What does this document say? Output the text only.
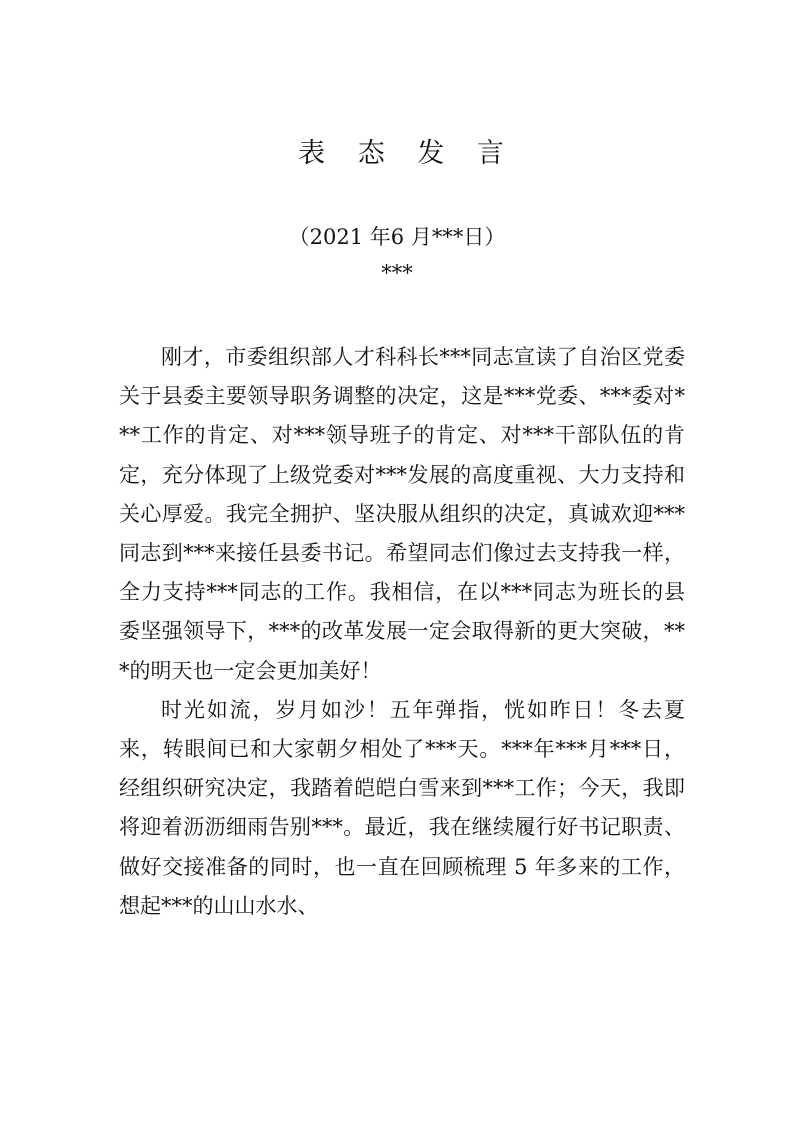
表 态 发 言
（2021 年6 月***日）
***

刚才，市委组织部人才科科长***同志宣读了自治区党委关于县委主要领导职务调整的决定，这是***党委、***委对***工作的肯定、对***领导班子的肯定、对***干部队伍的肯定，充分体现了上级党委对***发展的高度重视、大力支持和关心厚爱。我完全拥护、坚决服从组织的决定，真诚欢迎***同志到***来接任县委书记。希望同志们像过去支持我一样，全力支持***同志的工作。我相信，在以***同志为班长的县委坚强领导下，***的改革发展一定会取得新的更大突破，***的明天也一定会更加美好！

时光如流，岁月如沙！五年弹指，恍如昨日！冬去夏来，转眼间已和大家朝夕相处了***天。***年***月***日，经组织研究决定，我踏着皑皑白雪来到***工作；今天，我即将迎着沥沥细雨告别***。最近，我在继续履行好书记职责、做好交接准备的同时，也一直在回顾梳理 5 年多来的工作，想起***的山山水水、
